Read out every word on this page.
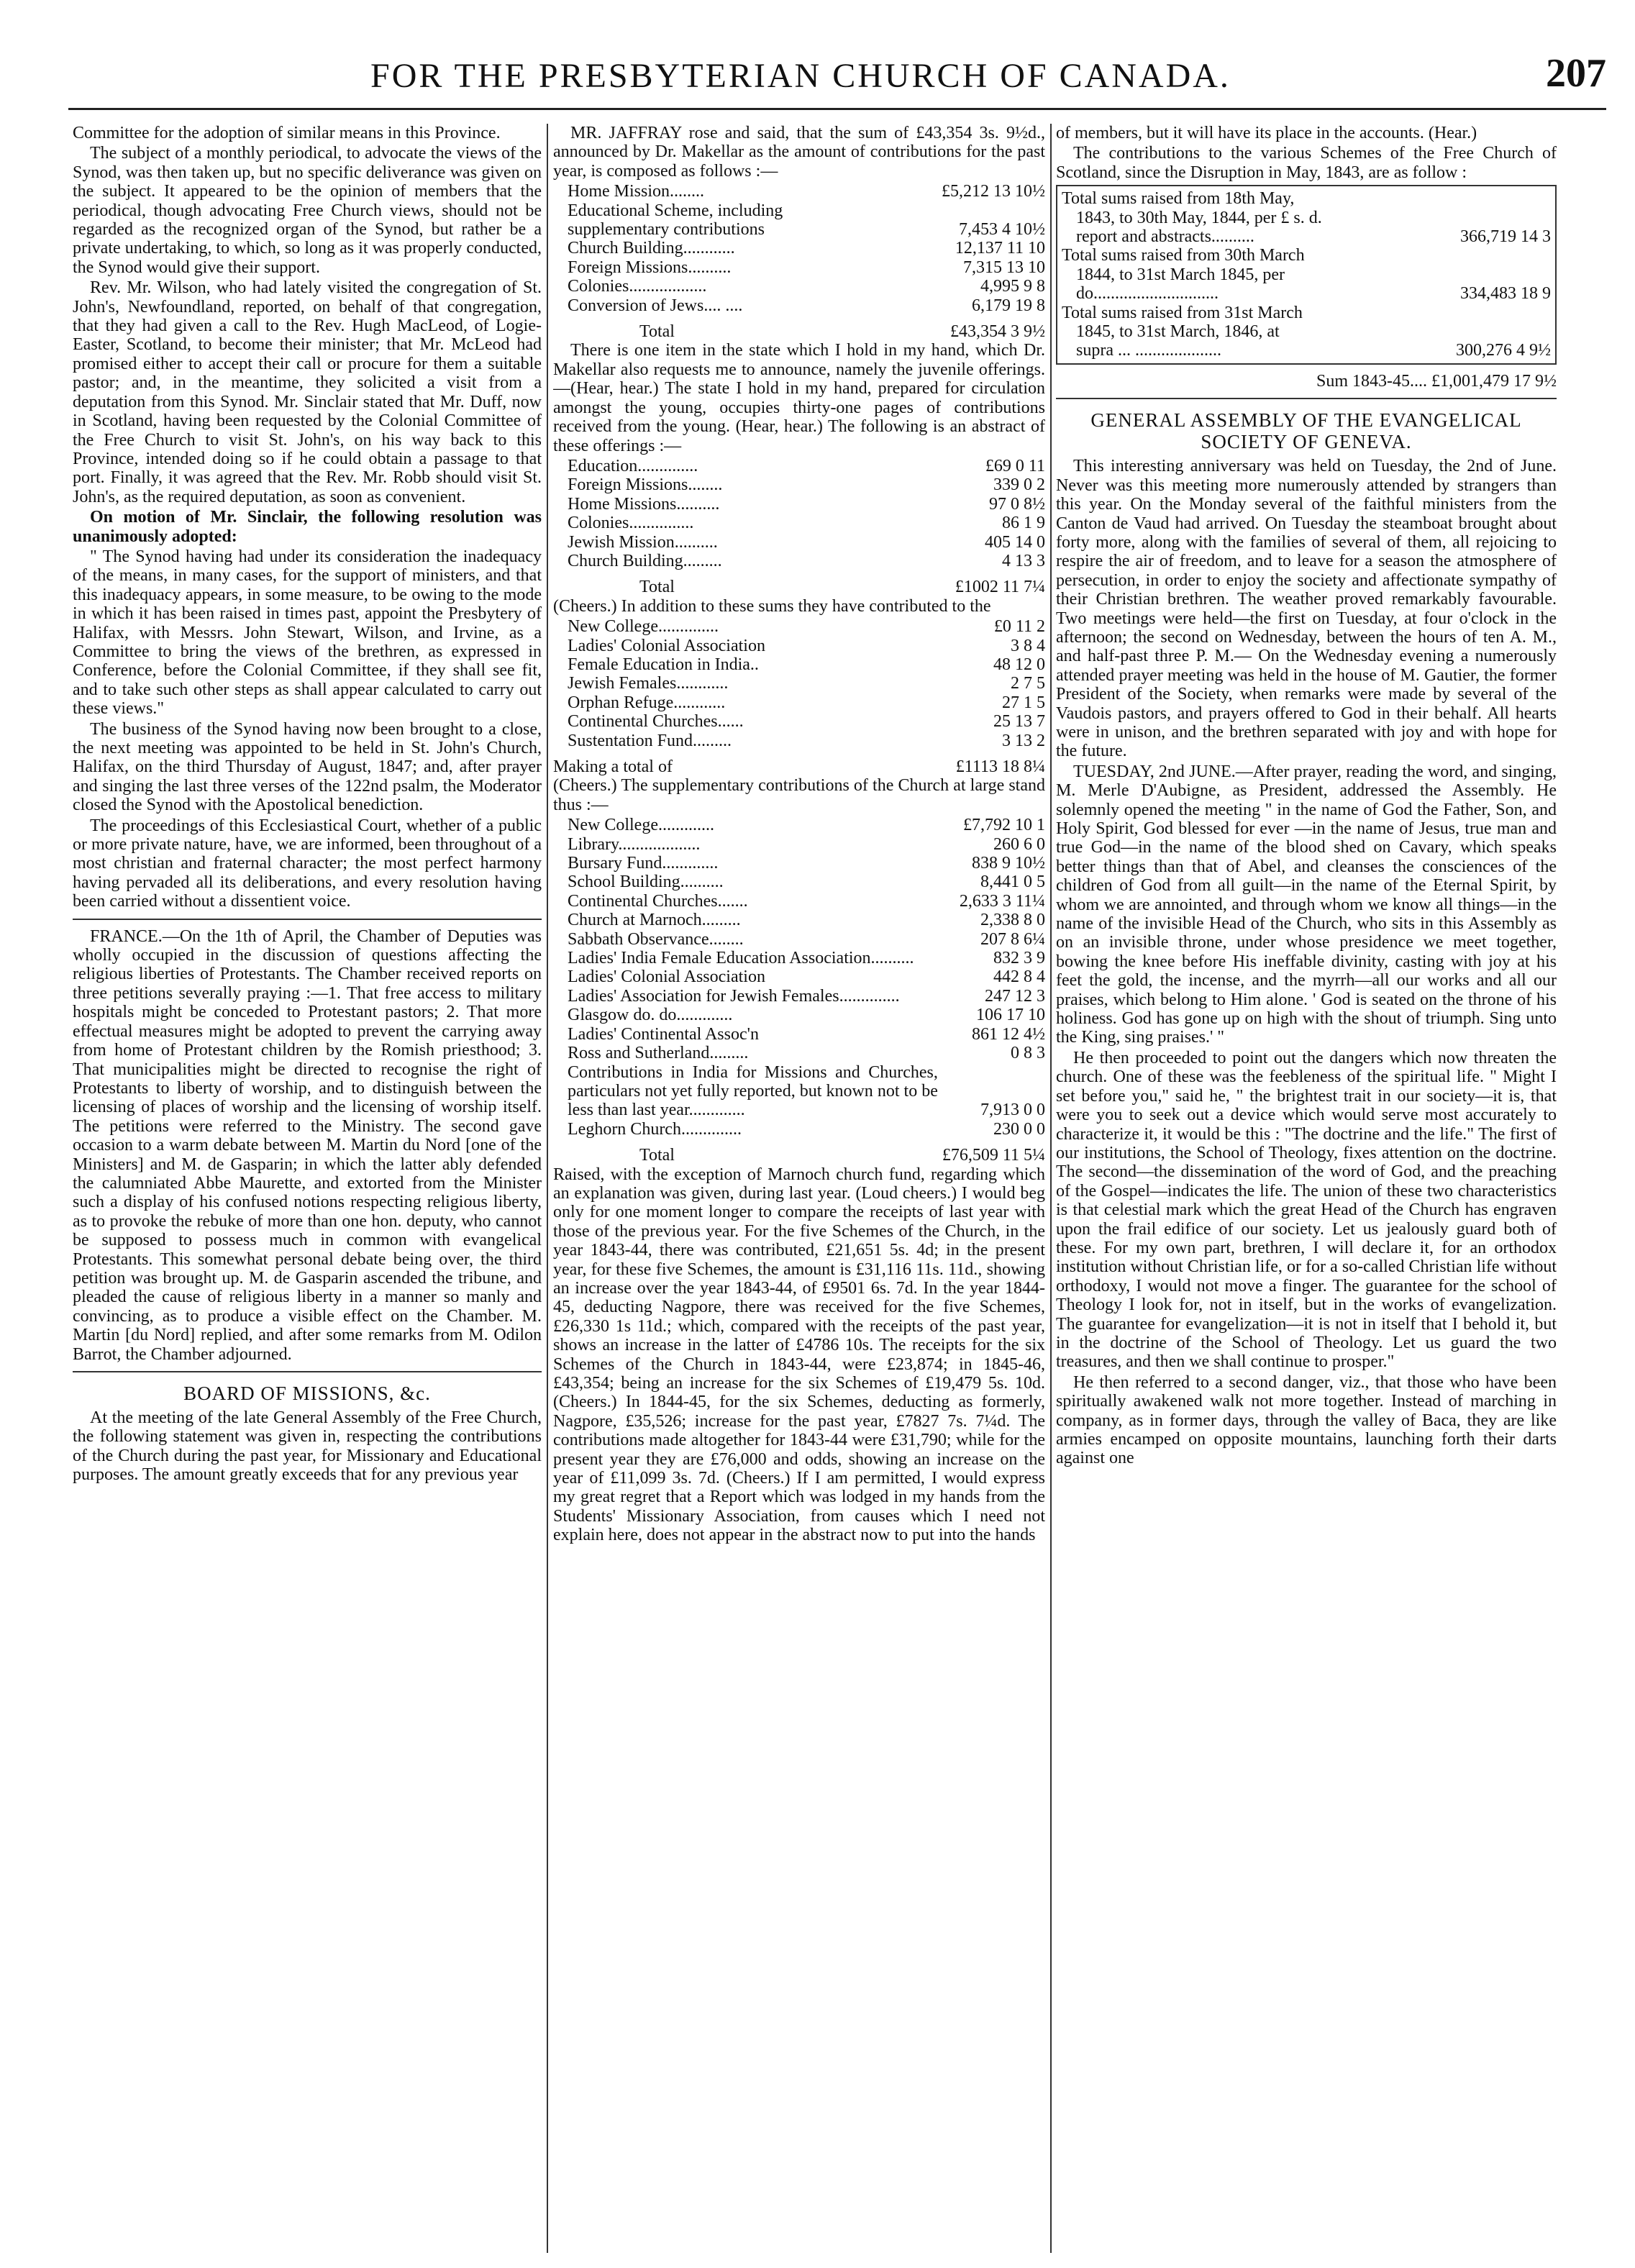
FOR THE PRESBYTERIAN CHURCH OF CANADA.	207

Committee for the adoption of similar means in this Province.

The subject of a monthly periodical, to advocate the views of the Synod, was then taken up, but no specific deliverance was given on the subject. It appeared to be the opinion of members that the periodical, though advocating Free Church views, should not be regarded as the recognized organ of the Synod, but rather be a private undertaking, to which, so long as it was properly conducted, the Synod would give their support.

Rev. Mr. Wilson, who had lately visited the congregation of St. John's, Newfoundland, reported, on behalf of that congregation, that they had given a call to the Rev. Hugh MacLeod, of Logie-Easter, Scotland, to become their minister; that Mr. McLeod had promised either to accept their call or procure for them a suitable pastor; and, in the meantime, they solicited a visit from a deputation from this Synod. Mr. Sinclair stated that Mr. Duff, now in Scotland, having been requested by the Colonial Committee of the Free Church to visit St. John's, on his way back to this Province, intended doing so if he could obtain a passage to that port. Finally, it was agreed that the Rev. Mr. Robb should visit St. John's, as the required deputation, as soon as convenient.

On motion of Mr. Sinclair, the following resolution was unanimously adopted:

" The Synod having had under its consideration the inadequacy of the means, in many cases, for the support of ministers, and that this inadequacy appears, in some measure, to be owing to the mode in which it has been raised in times past, appoint the Presbytery of Halifax, with Messrs. John Stewart, Wilson, and Irvine, as a Committee to bring the views of the brethren, as expressed in Conference, before the Colonial Committee, if they shall see fit, and to take such other steps as shall appear calculated to carry out these views."

The business of the Synod having now been brought to a close, the next meeting was appointed to be held in St. John's Church, Halifax, on the third Thursday of August, 1847; and, after prayer and singing the last three verses of the 122nd psalm, the Moderator closed the Synod with the Apostolical benediction.

The proceedings of this Ecclesiastical Court, whether of a public or more private nature, have, we are informed, been throughout of a most christian and fraternal character; the most perfect harmony having pervaded all its deliberations, and every resolution having been carried without a dissentient voice.

FRANCE.—On the 1th of April, the Chamber of Deputies was wholly occupied in the discussion of questions affecting the religious liberties of Protestants. The Chamber received reports on three petitions severally praying :—1. That free access to military hospitals might be conceded to Protestant pastors; 2. That more effectual measures might be adopted to prevent the carrying away from home of Protestant children by the Romish priesthood; 3. That municipalities might be directed to recognise the right of Protestants to liberty of worship, and to distinguish between the licensing of places of worship and the licensing of worship itself. The petitions were referred to the Ministry. The second gave occasion to a warm debate between M. Martin du Nord [one of the Ministers] and M. de Gasparin; in which the latter ably defended the calumniated Abbe Maurette, and extorted from the Minister such a display of his confused notions respecting religious liberty, as to provoke the rebuke of more than one hon. deputy, who cannot be supposed to possess much in common with evangelical Protestants. This somewhat personal debate being over, the third petition was brought up. M. de Gasparin ascended the tribune, and pleaded the cause of religious liberty in a manner so manly and convincing, as to produce a visible effect on the Chamber. M. Martin [du Nord] replied, and after some remarks from M. Odilon Barrot, the Chamber adjourned.

BOARD OF MISSIONS, &c.

At the meeting of the late General Assembly of the Free Church, the following statement was given in, respecting the contributions of the Church during the past year, for Missionary and Educational purposes. The amount greatly exceeds that for any previous year

MR. JAFFRAY rose and said, that the sum of £43,354 3s. 9½d., announced by Dr. Makellar as the amount of contributions for the past year, is composed as follows :—

Home Mission........	£5,212 13 10½
Educational Scheme, including	
supplementary contributions	7,453 4 10½
Church Building............	12,137 11 10
Foreign Missions..........	7,315 13 10
Colonies..................	4,995 9 8
Conversion of Jews.... ....	6,179 19 8
Total	£43,354 3 9½

There is one item in the state which I hold in my hand, which Dr. Makellar also requests me to announce, namely the juvenile offerings.—(Hear, hear.) The state I hold in my hand, prepared for circulation amongst the young, occupies thirty-one pages of contributions received from the young. (Hear, hear.) The following is an abstract of these offerings :—

Education..............	£69 0 11
Foreign Missions........	339 0 2
Home Missions..........	97 0 8½
Colonies...............	86 1 9
Jewish Mission..........	405 14 0
Church Building.........	4 13 3
Total	£1002 11 7¼

(Cheers.) In addition to these sums they have contributed to the

New College..............	£0 11 2
Ladies' Colonial Association	3 8 4
Female Education in India..	48 12 0
Jewish Females............	2 7 5
Orphan Refuge............	27 1 5
Continental Churches......	25 13 7
Sustentation Fund.........	3 13 2
Making a total of	£1113 18 8¼

(Cheers.) The supplementary contributions of the Church at large stand thus :—

New College.............	£7,792 10 1
Library...................	260 6 0
Bursary Fund.............	838 9 10½
School Building..........	8,441 0 5
Continental Churches.......	2,633 3 11¼
Church at Marnoch.........	2,338 8 0
Sabbath Observance........	207 8 6¼
Ladies' India Female Education Association..........	832 3 9
Ladies' Colonial Association	442 8 4
Ladies' Association for Jewish Females..............	247 12 3
Glasgow do. do.............	106 17 10
Ladies' Continental Assoc'n	861 12 4½
Ross and Sutherland.........	0 8 3
Contributions in India for Missions and Churches, particulars not yet fully reported, but known not to be less than last year.............	7,913 0 0
Leghorn Church..............	230 0 0
Total	£76,509 11 5¼

Raised, with the exception of Marnoch church fund, regarding which an explanation was given, during last year. (Loud cheers.) I would beg only for one moment longer to compare the receipts of last year with those of the previous year. For the five Schemes of the Church, in the year 1843-44, there was contributed, £21,651 5s. 4d; in the present year, for these five Schemes, the amount is £31,116 11s. 11d., showing an increase over the year 1843-44, of £9501 6s. 7d. In the year 1844-45, deducting Nagpore, there was received for the five Schemes, £26,330 1s 11d.; which, compared with the receipts of the past year, shows an increase in the latter of £4786 10s. The receipts for the six Schemes of the Church in 1843-44, were £23,874; in 1845-46, £43,354; being an increase for the six Schemes of £19,479 5s. 10d. (Cheers.) In 1844-45, for the six Schemes, deducting as formerly, Nagpore, £35,526; increase for the past year, £7827 7s. 7¼d. The contributions made altogether for 1843-44 were £31,790; while for the present year they are £76,000 and odds, showing an increase on the year of £11,099 3s. 7d. (Cheers.) If I am permitted, I would express my great regret that a Report which was lodged in my hands from the Students' Missionary Association, from causes which I need not explain here, does not appear in the abstract now to put into the hands

of members, but it will have its place in the accounts. (Hear.)

The contributions to the various Schemes of the Free Church of Scotland, since the Disruption in May, 1843, are as follow :

Total sums raised from 18th May,
1843, to 30th May, 1844, per £ s. d.
report and abstracts..........	366,719 14 3
Total sums raised from 30th March
1844, to 31st March 1845, per
do.............................	334,483 18 9
Total sums raised from 31st March
1845, to 31st March, 1846, at
supra ... ....................	300,276 4 9½
Sum 1843-45.... £1,001,479 17 9½
GENERAL ASSEMBLY OF THE EVANGELICAL SOCIETY OF GENEVA.

This interesting anniversary was held on Tuesday, the 2nd of June. Never was this meeting more numerously attended by strangers than this year. On the Monday several of the faithful ministers from the Canton de Vaud had arrived. On Tuesday the steamboat brought about forty more, along with the families of several of them, all rejoicing to respire the air of freedom, and to leave for a season the atmosphere of persecution, in order to enjoy the society and affectionate sympathy of their Christian brethren. The weather proved remarkably favourable. Two meetings were held—the first on Tuesday, at four o'clock in the afternoon; the second on Wednesday, between the hours of ten A. M., and half-past three P. M.— On the Wednesday evening a numerously attended prayer meeting was held in the house of M. Gautier, the former President of the Society, when remarks were made by several of the Vaudois pastors, and prayers offered to God in their behalf. All hearts were in unison, and the brethren separated with joy and with hope for the future.

TUESDAY, 2nd JUNE.—After prayer, reading the word, and singing, M. Merle D'Aubigne, as President, addressed the Assembly. He solemnly opened the meeting " in the name of God the Father, Son, and Holy Spirit, God blessed for ever —in the name of Jesus, true man and true God—in the name of the blood shed on Cavary, which speaks better things than that of Abel, and cleanses the consciences of the children of God from all guilt—in the name of the Eternal Spirit, by whom we are annointed, and through whom we know all things—in the name of the invisible Head of the Church, who sits in this Assembly as on an invisible throne, under whose presidence we meet together, bowing the knee before His ineffable divinity, casting with joy at his feet the gold, the incense, and the myrrh—all our works and all our praises, which belong to Him alone. ' God is seated on the throne of his holiness. God has gone up on high with the shout of triumph. Sing unto the King, sing praises.' "

He then proceeded to point out the dangers which now threaten the church. One of these was the feebleness of the spiritual life. " Might I set before you," said he, " the brightest trait in our society—it is, that were you to seek out a device which would serve most accurately to characterize it, it would be this : "The doctrine and the life." The first of our institutions, the School of Theology, fixes attention on the doctrine. The second—the dissemination of the word of God, and the preaching of the Gospel—indicates the life. The union of these two characteristics is that celestial mark which the great Head of the Church has engraven upon the frail edifice of our society. Let us jealously guard both of these. For my own part, brethren, I will declare it, for an orthodox institution without Christian life, or for a so-called Christian life without orthodoxy, I would not move a finger. The guarantee for the school of Theology I look for, not in itself, but in the works of evangelization. The guarantee for evangelization—it is not in itself that I behold it, but in the doctrine of the School of Theology. Let us guard the two treasures, and then we shall continue to prosper."

He then referred to a second danger, viz., that those who have been spiritually awakened walk not more together. Instead of marching in company, as in former days, through the valley of Baca, they are like armies encamped on opposite mountains, launching forth their darts against one
